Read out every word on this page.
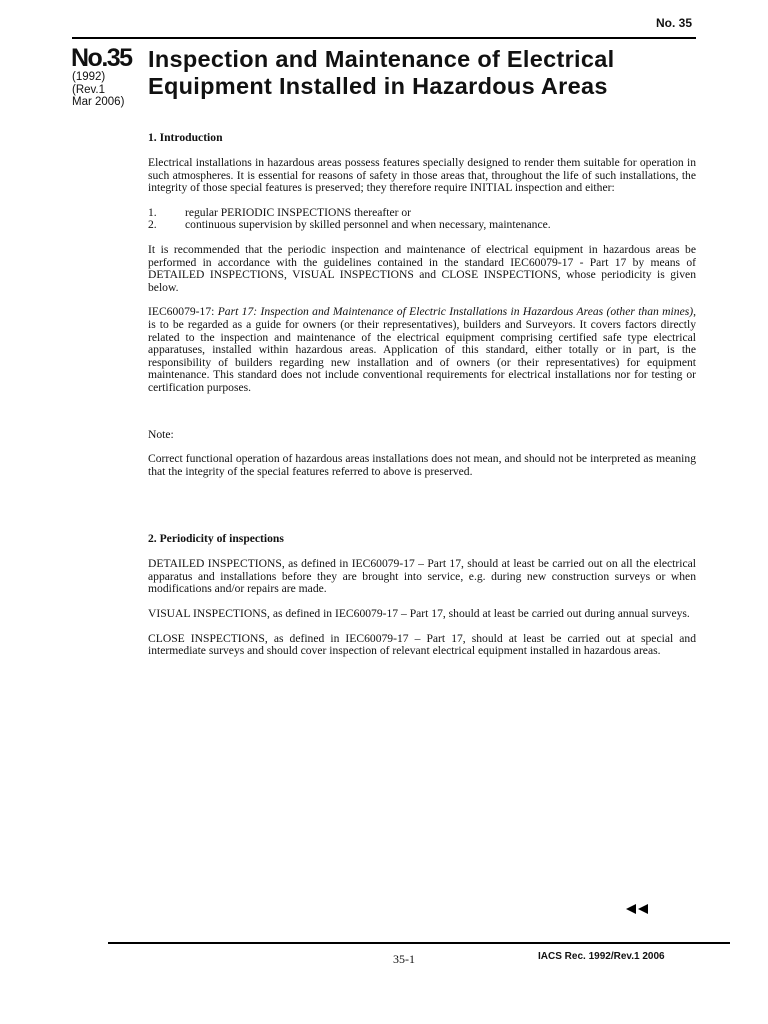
No. 35
No.35
(1992)
(Rev.1
Mar 2006)
Inspection and Maintenance of Electrical
Equipment Installed in Hazardous Areas
1. Introduction

Electrical installations in hazardous areas possess features specially designed to render them suitable for operation in such atmospheres. It is essential for reasons of safety in those areas that, throughout the life of such installations, the integrity of those special features is preserved; they therefore require INITIAL inspection and either:

1.	regular PERIODIC INSPECTIONS thereafter or
2.	continuous supervision by skilled personnel and when necessary, maintenance.

It is recommended that the periodic inspection and maintenance of electrical equipment in hazardous areas be performed in accordance with the guidelines contained in the standard IEC60079-17 - Part 17 by means of DETAILED INSPECTIONS, VISUAL INSPECTIONS and CLOSE INSPECTIONS, whose periodicity is given below.

IEC60079-17: Part 17: Inspection and Maintenance of Electric Installations in Hazardous Areas (other than mines), is to be regarded as a guide for owners (or their representatives), builders and Surveyors. It covers factors directly related to the inspection and maintenance of the electrical equipment comprising certified safe type electrical apparatuses, installed within hazardous areas. Application of this standard, either totally or in part, is the responsibility of builders regarding new installation and of owners (or their representatives) for equipment maintenance. This standard does not include conventional requirements for electrical installations nor for testing or certification purposes.

Note:

Correct functional operation of hazardous areas installations does not mean, and should not be interpreted as meaning that the integrity of the special features referred to above is preserved.

2. Periodicity of inspections

DETAILED INSPECTIONS, as defined in IEC60079-17 – Part 17, should at least be carried out on all the electrical apparatus and installations before they are brought into service, e.g. during new construction surveys or when modifications and/or repairs are made.

VISUAL INSPECTIONS, as defined in IEC60079-17 – Part 17, should at least be carried out during annual surveys.

CLOSE INSPECTIONS, as defined in IEC60079-17 – Part 17, should at least be carried out at special and intermediate surveys and should cover inspection of relevant electrical equipment installed in hazardous areas.

35-1	IACS Rec. 1992/Rev.1 2006
